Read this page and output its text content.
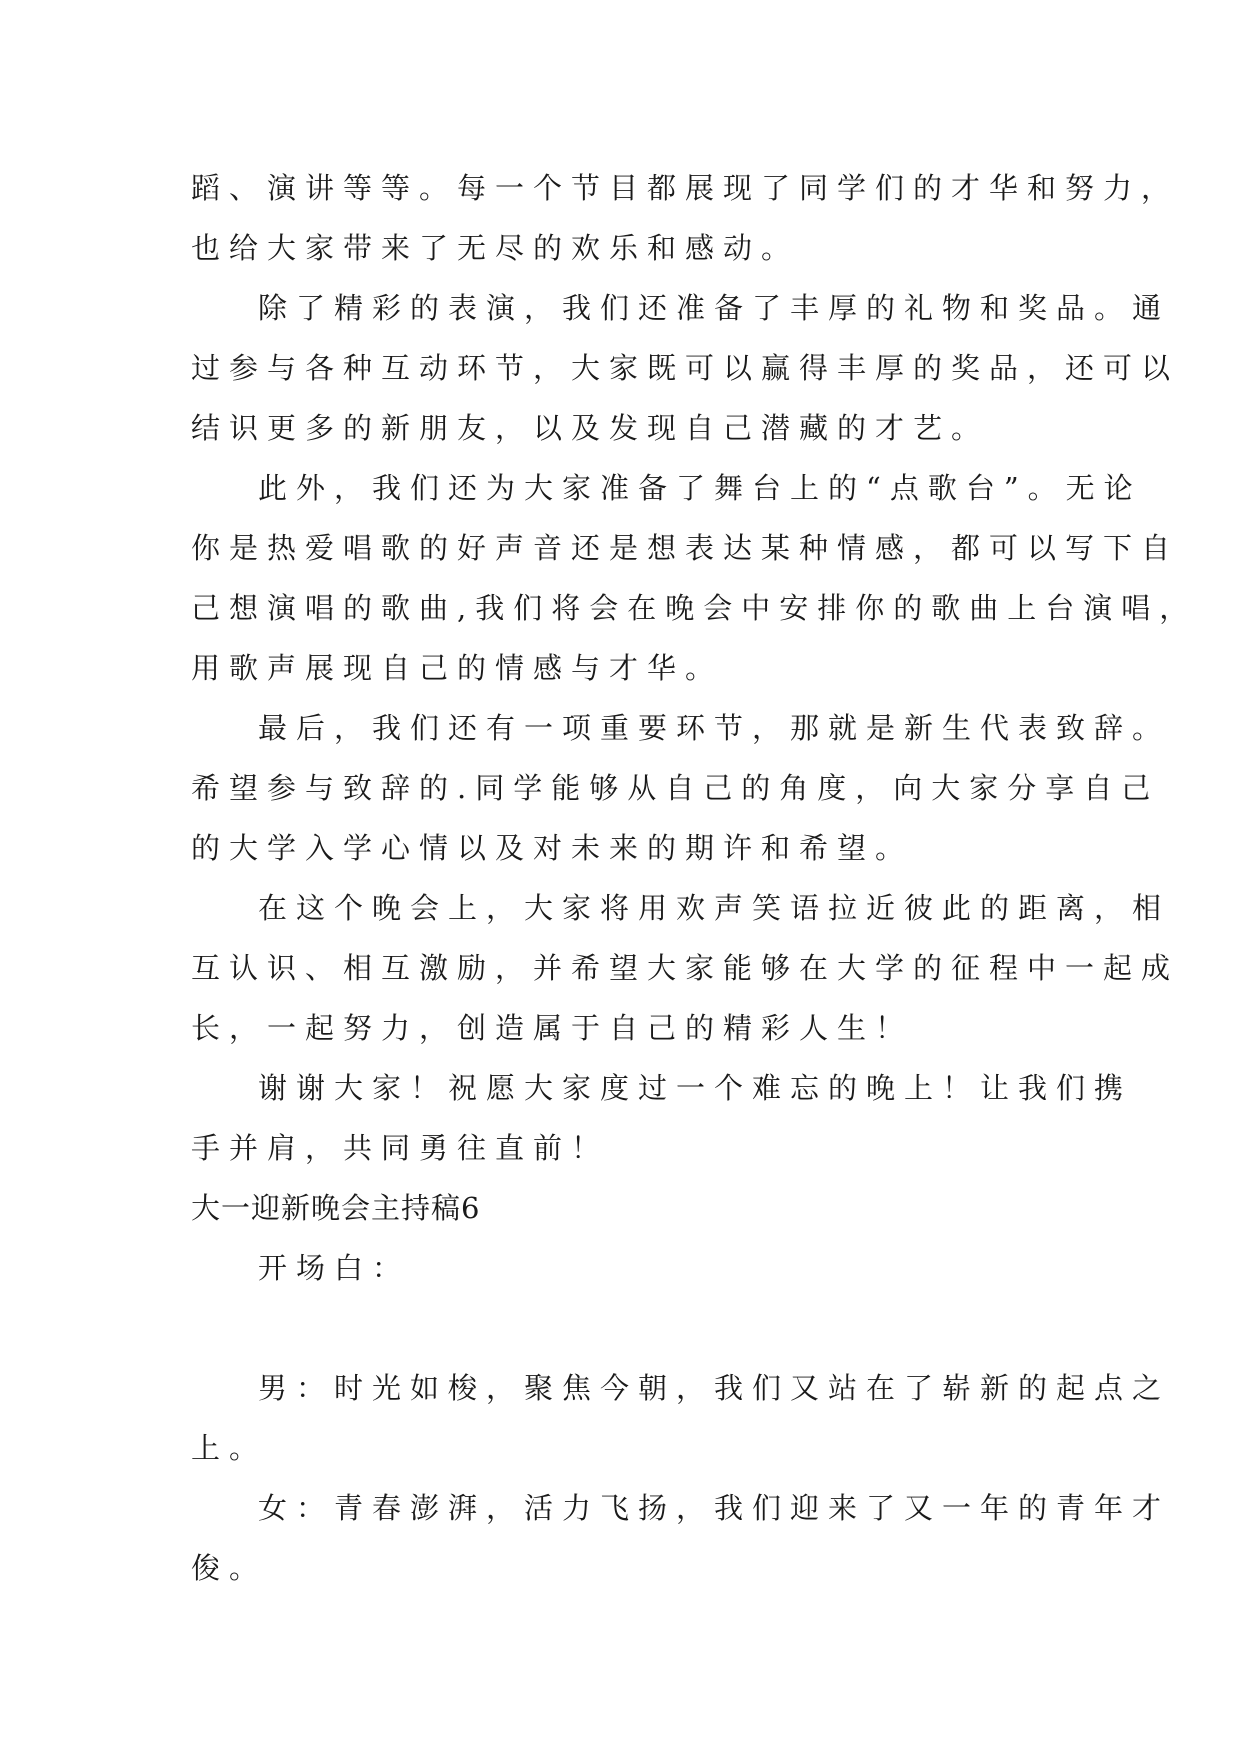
蹈、演讲等等。每一个节目都展现了同学们的才华和努力，
也给大家带来了无尽的欢乐和感动。
除了精彩的表演，我们还准备了丰厚的礼物和奖品。通
过参与各种互动环节，大家既可以赢得丰厚的奖品，还可以
结识更多的新朋友，以及发现自己潜藏的才艺。
此外，我们还为大家准备了舞台上的“点歌台”。无论
你是热爱唱歌的好声音还是想表达某种情感，都可以写下自
己想演唱的歌曲,我们将会在晚会中安排你的歌曲上台演唱，
用歌声展现自己的情感与才华。
最后，我们还有一项重要环节，那就是新生代表致辞。
希望参与致辞的.同学能够从自己的角度，向大家分享自己
的大学入学心情以及对未来的期许和希望。
在这个晚会上，大家将用欢声笑语拉近彼此的距离，相
互认识、相互激励，并希望大家能够在大学的征程中一起成
长，一起努力，创造属于自己的精彩人生！
谢谢大家！祝愿大家度过一个难忘的晚上！让我们携
手并肩，共同勇往直前！
大一迎新晚会主持稿6
开场白：
男：时光如梭，聚焦今朝，我们又站在了崭新的起点之
上。
女：青春澎湃，活力飞扬，我们迎来了又一年的青年才
俊。
